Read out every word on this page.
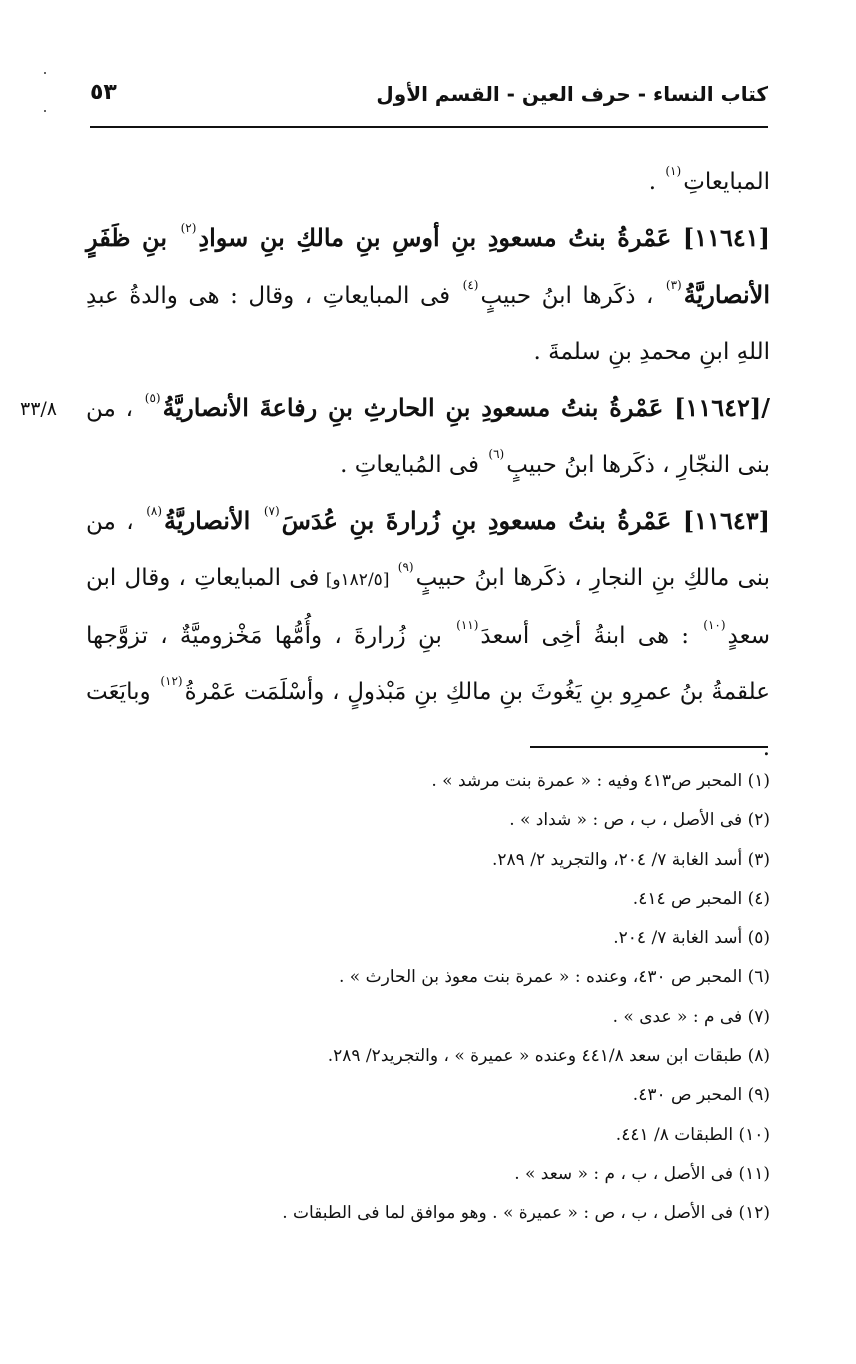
كتاب النساء - حرف العين - القسم الأول
٥٣
٣٣/٨

المبايعاتِ$^{(١)}$ .

[١١٦٤١] عَمْرةُ بنتُ مسعودِ بنِ أوسِ بنِ مالكِ بنِ سوادِ$^{(٢)}$ بنِ ظَفَرٍ الأنصاريَّةُ$^{(٣)}$ ، ذكَرها ابنُ حبيبٍ$^{(٤)}$ فى المبايعاتِ ، وقال : هى والدةُ عبدِ اللهِ ابنِ محمدِ بنِ سلمةَ .

/[١١٦٤٢] عَمْرةُ بنتُ مسعودِ بنِ الحارثِ بنِ رفاعةَ الأنصاريَّةُ$^{(٥)}$ ، من بنى النجّارِ ، ذكَرها ابنُ حبيبٍ$^{(٦)}$ فى المُبايعاتِ .

[١١٦٤٣] عَمْرةُ بنتُ مسعودِ بنِ زُرارةَ بنِ عُدَسَ$^{(٧)}$ الأنصاريَّةُ$^{(٨)}$ ، من بنى مالكِ بنِ النجارِ ، ذكَرها ابنُ حبيبٍ$^{(٩)}$ [١٨٢/٥و] فى المبايعاتِ ، وقال ابن سعدٍ$^{(١٠)}$ : هى ابنةُ أخِى أسعدَ$^{(١١)}$ بنِ زُرارةَ ، وأُمُّها مَخْزوميَّةٌ ، تزوَّجها علقمةُ بنُ عمرِو بنِ يَغُوثَ بنِ مالكِ بنِ مَبْذولٍ ، وأسْلَمَت عَمْرةُ$^{(١٢)}$ وبايَعَت .

(١) المحبر ص٤١٣ وفيه : « عمرة بنت مرشد » .
(٢) فى الأصل ، ب ، ص : « شداد » .
(٣) أسد الغابة ٧/ ٢٠٤، والتجريد ٢/ ٢٨٩.
(٤) المحبر ص ٤١٤.
(٥) أسد الغابة ٧/ ٢٠٤.
(٦) المحبر ص ٤٣٠، وعنده : « عمرة بنت معوذ بن الحارث » .
(٧) فى م : « عدى » .
(٨) طبقات ابن سعد ٤٤١/٨ وعنده « عميرة » ، والتجريد٢/ ٢٨٩.
(٩) المحبر ص ٤٣٠.
(١٠) الطبقات ٨/ ٤٤١.
(١١) فى الأصل ، ب ، م : « سعد » .
(١٢) فى الأصل ، ب ، ص : « عميرة » . وهو موافق لما فى الطبقات .
